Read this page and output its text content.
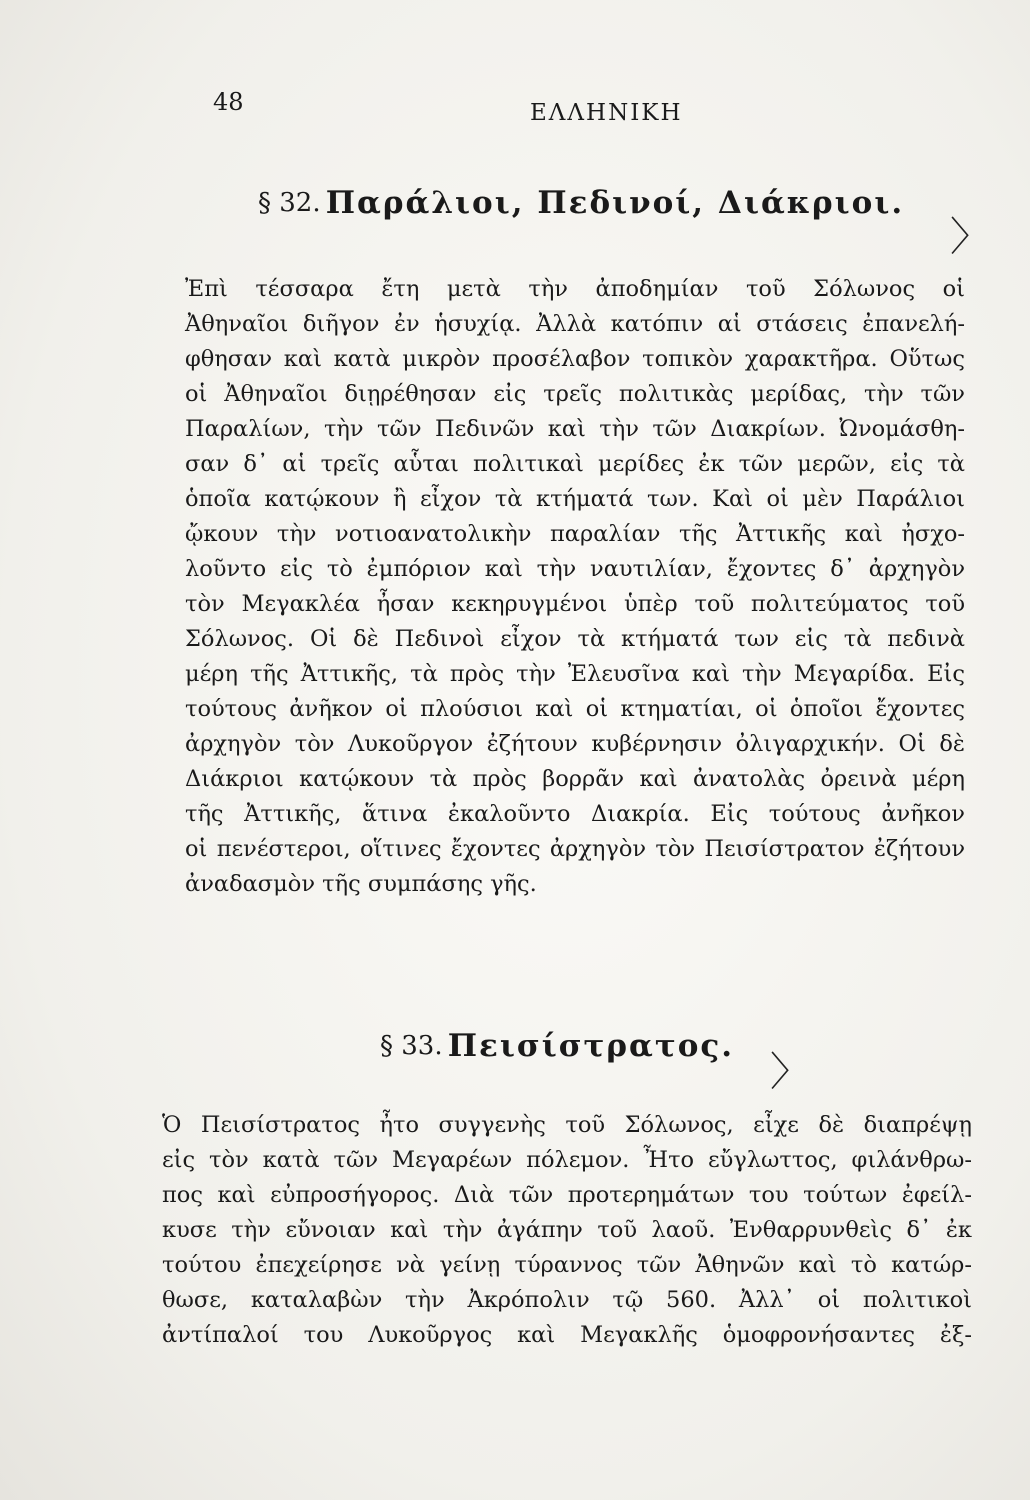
48	ΕΛΛΗΝΙΚΗ
§ 32. Παράλιοι, Πεδινοί, Διάκριοι.
〉
Ἐπὶ τέσσαρα ἔτη μετὰ τὴν ἀποδημίαν τοῦ Σόλωνος οἱ
Ἀθηναῖοι διῆγον ἐν ἡσυχίᾳ. Ἀλλὰ κατόπιν αἱ στάσεις ἐπανελή-
φθησαν καὶ κατὰ μικρὸν προσέλαβον τοπικὸν χαρακτῆρα. Οὕτως
οἱ Ἀθηναῖοι διῃρέθησαν εἰς τρεῖς πολιτικὰς μερίδας, τὴν τῶν
Παραλίων, τὴν τῶν Πεδινῶν καὶ τὴν τῶν Διακρίων. Ὠνομάσθη-
σαν δ᾽ αἱ τρεῖς αὗται πολιτικαὶ μερίδες ἐκ τῶν μερῶν, εἰς τὰ
ὁποῖα κατῴκουν ἢ εἶχον τὰ κτήματά των. Καὶ οἱ μὲν Παράλιοι
ᾤκουν τὴν νοτιοανατολικὴν παραλίαν τῆς Ἀττικῆς καὶ ἠσχο-
λοῦντο εἰς τὸ ἐμπόριον καὶ τὴν ναυτιλίαν, ἔχοντες δ᾽ ἀρχηγὸν
τὸν Μεγακλέα ἦσαν κεκηρυγμένοι ὑπὲρ τοῦ πολιτεύματος τοῦ
Σόλωνος. Οἱ δὲ Πεδινοὶ εἶχον τὰ κτήματά των εἰς τὰ πεδινὰ
μέρη τῆς Ἀττικῆς, τὰ πρὸς τὴν Ἐλευσῖνα καὶ τὴν Μεγαρίδα. Εἰς
τούτους ἀνῆκον οἱ πλούσιοι καὶ οἱ κτηματίαι, οἱ ὁποῖοι ἔχοντες
ἀρχηγὸν τὸν Λυκοῦργον ἐζήτουν κυβέρνησιν ὀλιγαρχικήν. Οἱ δὲ
Διάκριοι κατῴκουν τὰ πρὸς βορρᾶν καὶ ἀνατολὰς ὀρεινὰ μέρη
τῆς Ἀττικῆς, ἅτινα ἐκαλοῦντο Διακρία. Εἰς τούτους ἀνῆκον
οἱ πενέστεροι, οἵτινες ἔχοντες ἀρχηγὸν τὸν Πεισίστρατον ἐζήτουν
ἀναδασμὸν τῆς συμπάσης γῆς.
§ 33. Πεισίστρατος.
〉
Ὁ Πεισίστρατος ἦτο συγγενὴς τοῦ Σόλωνος, εἶχε δὲ διαπρέψῃ
εἰς τὸν κατὰ τῶν Μεγαρέων πόλεμον. Ἦτο εὔγλωττος, φιλάνθρω-
πος καὶ εὐπροσήγορος. Διὰ τῶν προτερημάτων του τούτων ἐφείλ-
κυσε τὴν εὔνοιαν καὶ τὴν ἀγάπην τοῦ λαοῦ. Ἐνθαρρυνθεὶς δ᾽ ἐκ
τούτου ἐπεχείρησε νὰ γείνῃ τύραννος τῶν Ἀθηνῶν καὶ τὸ κατώρ-
θωσε, καταλαβὼν τὴν Ἀκρόπολιν τῷ 560. Ἀλλ᾽ οἱ πολιτικοὶ
ἀντίπαλοί του Λυκοῦργος καὶ Μεγακλῆς ὁμοφρονήσαντες ἐξ-
